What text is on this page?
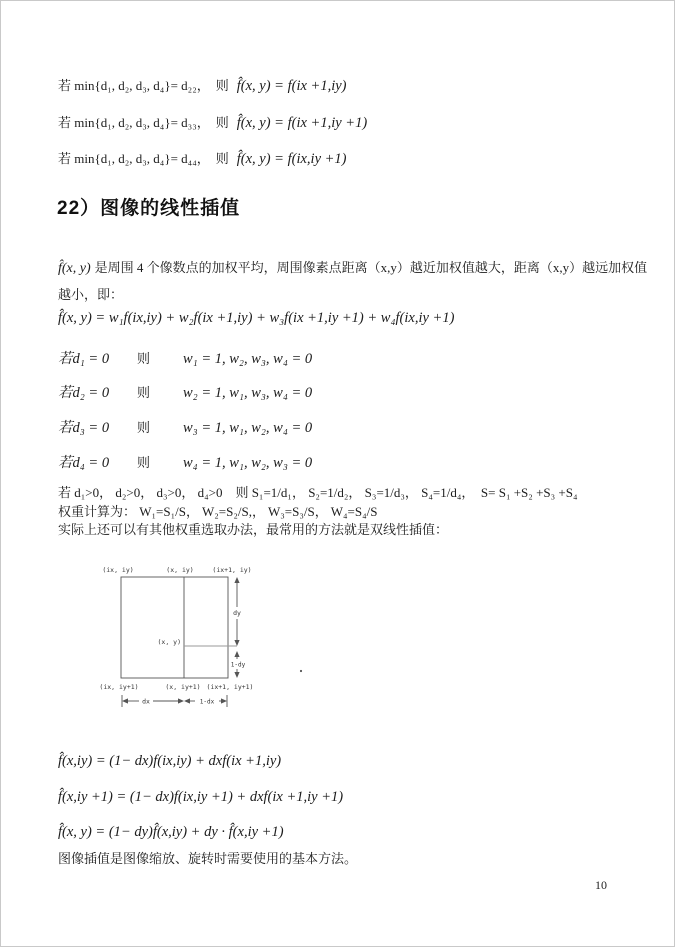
若 min{d₁, d₂, d₃, d₄}= d₂₂， 则 f̂(x, y) = f(ix +1,iy)
若 min{d₁, d₂, d₃, d₄}= d₃₃， 则 f̂(x, y) = f(ix +1,iy +1)
若 min{d₁, d₂, d₃, d₄}= d₄₄， 则 f̂(x, y) = f(ix,iy +1)
22）图像的线性插值
f̂(x, y) 是周围 4 个像数点的加权平均，周围像素点距离（x,y）越近加权值越大，距离（x,y）越远加权值
越小，即：
f̂(x, y) = w₁f(ix,iy) + w₂f(ix +1,iy) + w₃f(ix +1,iy +1) + w₄f(ix,iy +1)
若d₁ = 0 则 w₁ = 1, w₂, w₃, w₄ = 0
若d₂ = 0 则 w₂ = 1, w₁, w₃, w₄ = 0
若d₃ = 0 则 w₃ = 1, w₁, w₂, w₄ = 0
若d₄ = 0 则 w₄ = 1, w₁, w₂, w₃ = 0
若 d₁>0， d₂>0， d₃>0， d₄>0　则 S₁=1/d₁， S₂=1/d₂， S₃=1/d₃， S₄=1/d₄，　S= S₁ +S₂ +S₃ +S₄
权重计算为： W₁=S₁/S， W₂=S₂/S,， W₃=S₃/S， W₄=S₄/S
实际上还可以有其他权重选取办法，最常用的方法就是双线性插值：
(ix, iy)	(x, iy)	(ix+1, iy)
(x, y)
(ix, iy+1)	(x, iy+1) (ix+1, iy+1)
dy
1-dy
dx	1-dx
f̂(x,iy) = (1− dx)f(ix,iy) + dxf(ix +1,iy)
f̂(x,iy +1) = (1− dx)f(ix,iy +1) + dxf(ix +1,iy +1)
f̂(x, y) = (1− dy)f̂(x,iy) + dy · f̂(x,iy +1)
图像插值是图像缩放、旋转时需要使用的基本方法。
10
